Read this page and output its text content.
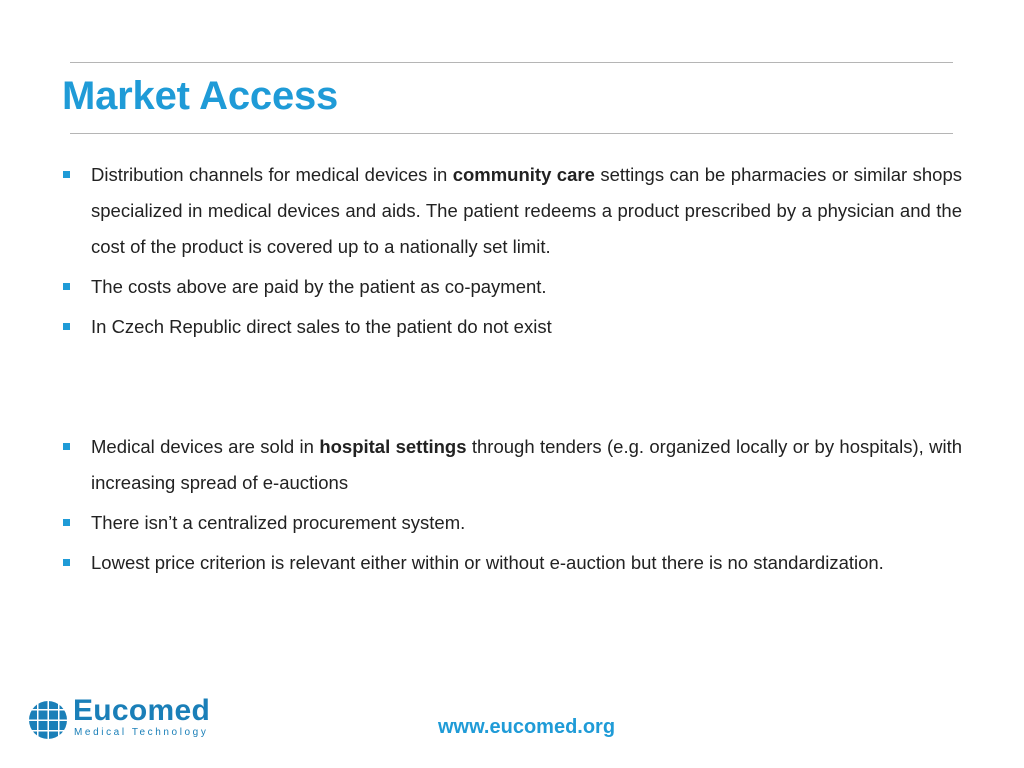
Market Access
Distribution channels for medical devices in community care settings can be pharmacies or similar shops specialized in medical devices and aids. The patient redeems a product prescribed by a physician and the cost of the product is covered up to a nationally set limit.
The costs above are paid by the patient as co-payment.
In Czech Republic direct sales to the patient do not exist
Medical devices are sold in hospital settings through tenders (e.g. organized locally or by hospitals), with increasing spread of e-auctions
There isn’t a centralized procurement system.
Lowest price criterion is relevant either within or without e-auction but there is no standardization.
Eucomed
Medical Technology	www.eucomed.org
